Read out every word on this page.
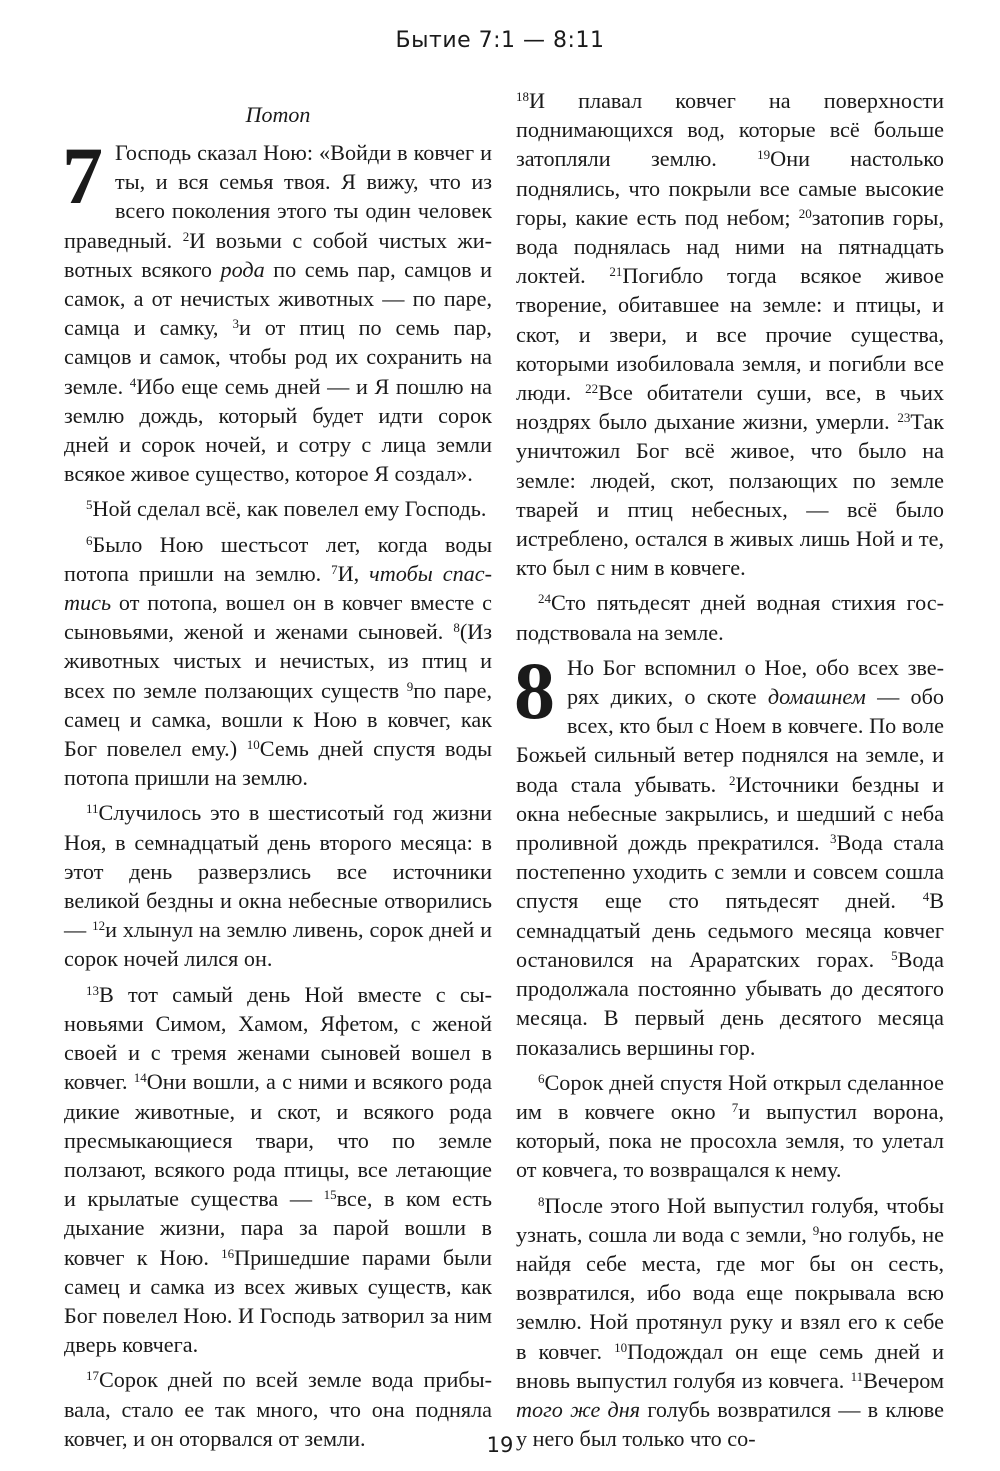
Бытие 7:1 — 8:11
Потоп

7 Господь сказал Ною: «Войди в ковчег и ты, и вся семья твоя. Я вижу, что из всего поколения этого ты один человек праведный. $^2$И возьми с собой чистых животных всякого рода по семь пар, самцов и самок, а от нечистых животных — по паре, самца и самку, $^3$и от птиц по семь пар, самцов и самок, чтобы род их сохранить на земле. $^4$Ибо еще семь дней — и Я пошлю на землю дождь, который будет идти сорок дней и сорок ночей, и сотру с лица земли всякое живое существо, которое Я создал».

$^5$Ной сделал всё, как повелел ему Господь.

$^6$Было Ною шестьсот лет, когда воды потопа пришли на землю. $^7$И, чтобы спастись от потопа, вошел он в ковчег вместе с сыновьями, женой и женами сыновей. $^8$(Из животных чистых и нечистых, из птиц и всех по земле ползающих существ $^9$по паре, самец и самка, вошли к Ною в ковчег, как Бог повелел ему.) $^{10}$Семь дней спустя воды потопа пришли на землю.

$^{11}$Случилось это в шестисотый год жизни Ноя, в семнадцатый день второго месяца: в этот день разверзлись все источники великой бездны и окна небесные отворились — $^{12}$и хлынул на землю ливень, сорок дней и сорок ночей лился он.

$^{13}$В тот самый день Ной вместе с сыновьями Симом, Хамом, Яфетом, с женой своей и с тремя женами сыновей вошел в ковчег. $^{14}$Они вошли, а с ними и всякого рода дикие животные, и скот, и всякого рода пресмыкающиеся твари, что по земле ползают, всякого рода птицы, все летающие и крылатые существа — $^{15}$все, в ком есть дыхание жизни, пара за парой вошли в ковчег к Ною. $^{16}$Пришедшие парами были самец и самка из всех живых существ, как Бог повелел Ною. И Господь затворил за ним дверь ковчега.

$^{17}$Сорок дней по всей земле вода прибывала, стало ее так много, что она подняла ковчег, и он оторвался от земли.

$^{18}$И плавал ковчег на поверхности поднимающихся вод, которые всё больше затопляли землю. $^{19}$Они настолько поднялись, что покрыли все самые высокие горы, какие есть под небом; $^{20}$затопив горы, вода поднялась над ними на пятнадцать локтей. $^{21}$Погибло тогда всякое живое творение, обитавшее на земле: и птицы, и скот, и звери, и все прочие существа, которыми изобиловала земля, и погибли все люди. $^{22}$Все обитатели суши, все, в чьих ноздрях было дыхание жизни, умерли. $^{23}$Так уничтожил Бог всё живое, что было на земле: людей, скот, ползающих по земле тварей и птиц небесных, — всё было истреблено, остался в живых лишь Ной и те, кто был с ним в ковчеге.

$^{24}$Сто пятьдесят дней водная стихия господствовала на земле.

8 Но Бог вспомнил о Ное, обо всех зверях диких, о скоте домашнем — обо всех, кто был с Ноем в ковчеге. По воле Божьей сильный ветер поднялся на земле, и вода стала убывать. $^2$Источники бездны и окна небесные закрылись, и шедший с неба проливной дождь прекратился. $^3$Вода стала постепенно уходить с земли и совсем сошла спустя еще сто пятьдесят дней. $^4$В семнадцатый день седьмого месяца ковчег остановился на Араратских горах. $^5$Вода продолжала постоянно убывать до десятого месяца. В первый день десятого месяца показались вершины гор.

$^6$Сорок дней спустя Ной открыл сделанное им в ковчеге окно $^7$и выпустил ворона, который, пока не просохла земля, то улетал от ковчега, то возвращался к нему.

$^8$После этого Ной выпустил голубя, чтобы узнать, сошла ли вода с земли, $^9$но голубь, не найдя себе места, где мог бы он сесть, возвратился, ибо вода еще покрывала всю землю. Ной протянул руку и взял его к себе в ковчег. $^{10}$Подождал он еще семь дней и вновь выпустил голубя из ковчега. $^{11}$Вечером того же дня голубь возвратился — в клюве у него был только что со-

19
